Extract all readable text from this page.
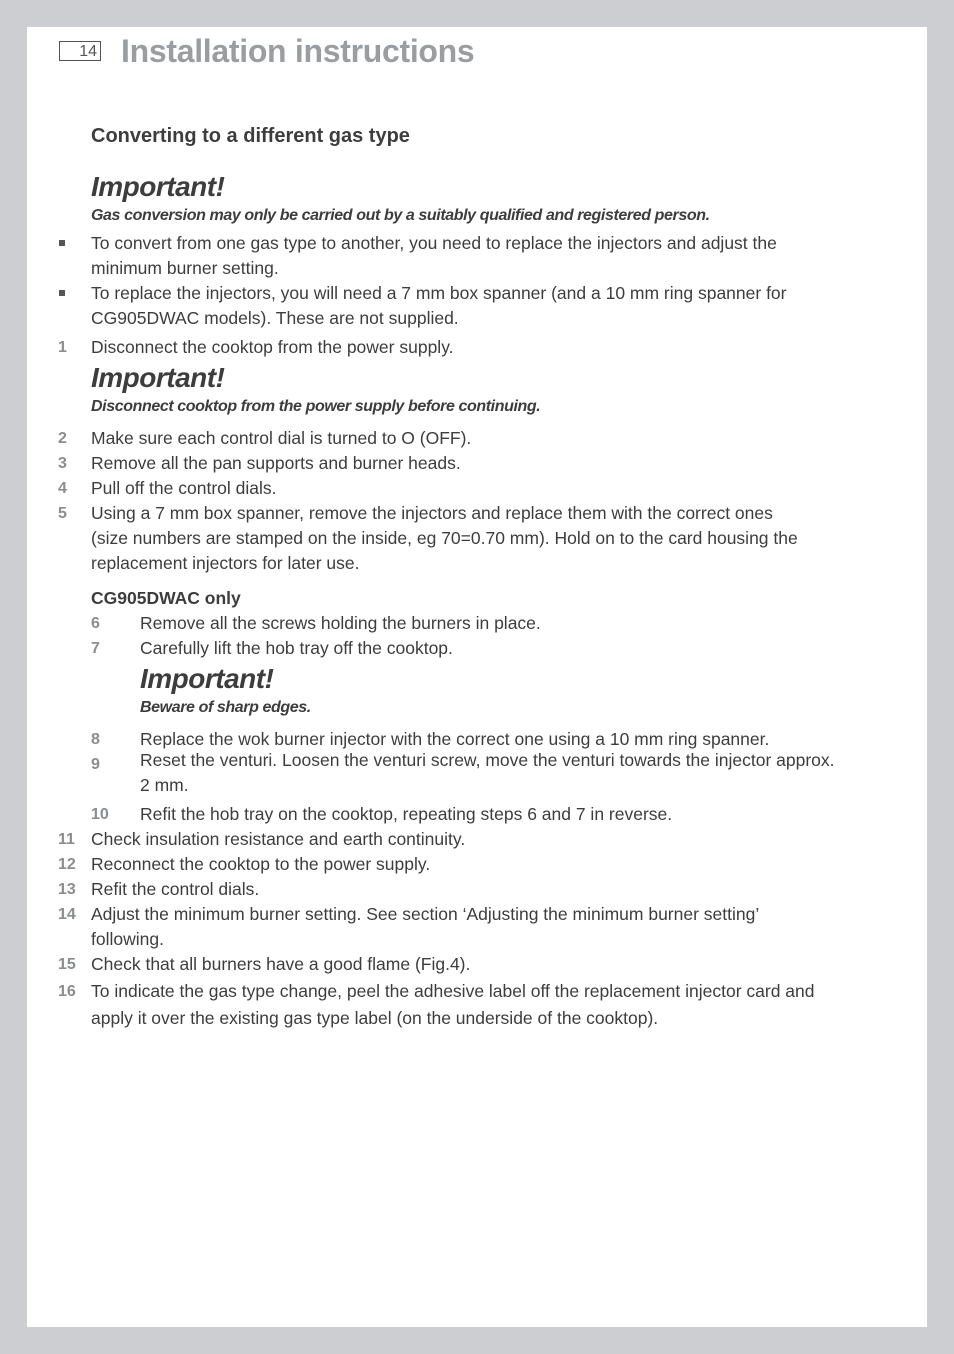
14 Installation instructions
Converting to a different gas type
Important!
Gas conversion may only be carried out by a suitably qualified and registered person.
To convert from one gas type to another, you need to replace the injectors and adjust the
minimum burner setting.
To replace the injectors, you will need a 7 mm box spanner (and a 10 mm ring spanner for
CG905DWAC models). These are not supplied.
1 Disconnect the cooktop from the power supply.
Important!
Disconnect cooktop from the power supply before continuing.
2 Make sure each control dial is turned to O (OFF).
3 Remove all the pan supports and burner heads.
4 Pull off the control dials.
5 Using a 7 mm box spanner, remove the injectors and replace them with the correct ones
(size numbers are stamped on the inside, eg 70=0.70 mm). Hold on to the card housing the
replacement injectors for later use.
CG905DWAC only
6 Remove all the screws holding the burners in place.
7 Carefully lift the hob tray off the cooktop.
Important!
Beware of sharp edges.
8 Replace the wok burner injector with the correct one using a 10 mm ring spanner.
9 Reset the venturi. Loosen the venturi screw, move the venturi towards the injector approx.
2 mm.
10 Refit the hob tray on the cooktop, repeating steps 6 and 7 in reverse.
11 Check insulation resistance and earth continuity.
12 Reconnect the cooktop to the power supply.
13 Refit the control dials.
14 Adjust the minimum burner setting. See section ‘Adjusting the minimum burner setting’
following.
15 Check that all burners have a good flame (Fig.4).
16 To indicate the gas type change, peel the adhesive label off the replacement injector card and
apply it over the existing gas type label (on the underside of the cooktop).
